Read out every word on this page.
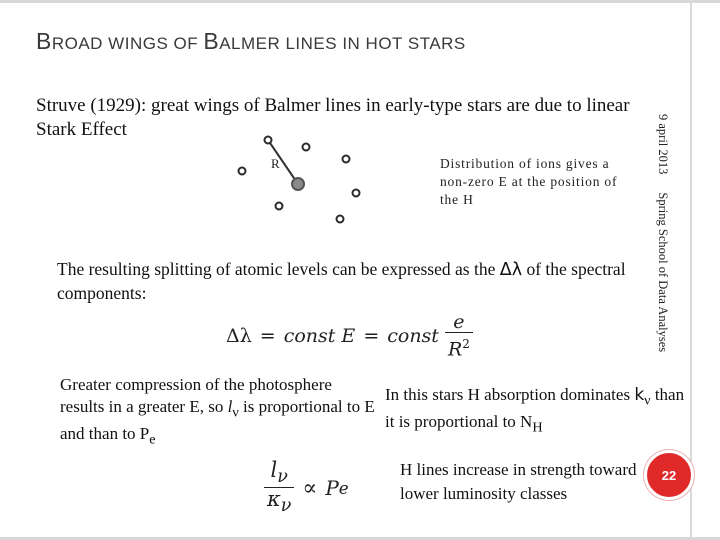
BROAD WINGS OF BALMER LINES IN HOT STARS
Struve (1929): great wings of Balmer lines in early-type stars are due to linear Stark Effect	9 april 2013Spring School of Data Analyses
R	Distribution of ions gives a non-zero E at the position of the H
The resulting splitting of atomic levels can be expressed as the Δλ of the spectral components:
Δλ = const E = const $\frac{e}{R^2}$
Greater compression of the photosphere results in a greater E, so $l_\nu$ is proportional to E and than to $P_e$
In this stars H absorption dominates $k_\nu$ than it is proportional to $N_H$
H lines increase in strength toward lower luminosity classes
$\frac{l_\nu}{\kappa_\nu} \propto P$ e
22
